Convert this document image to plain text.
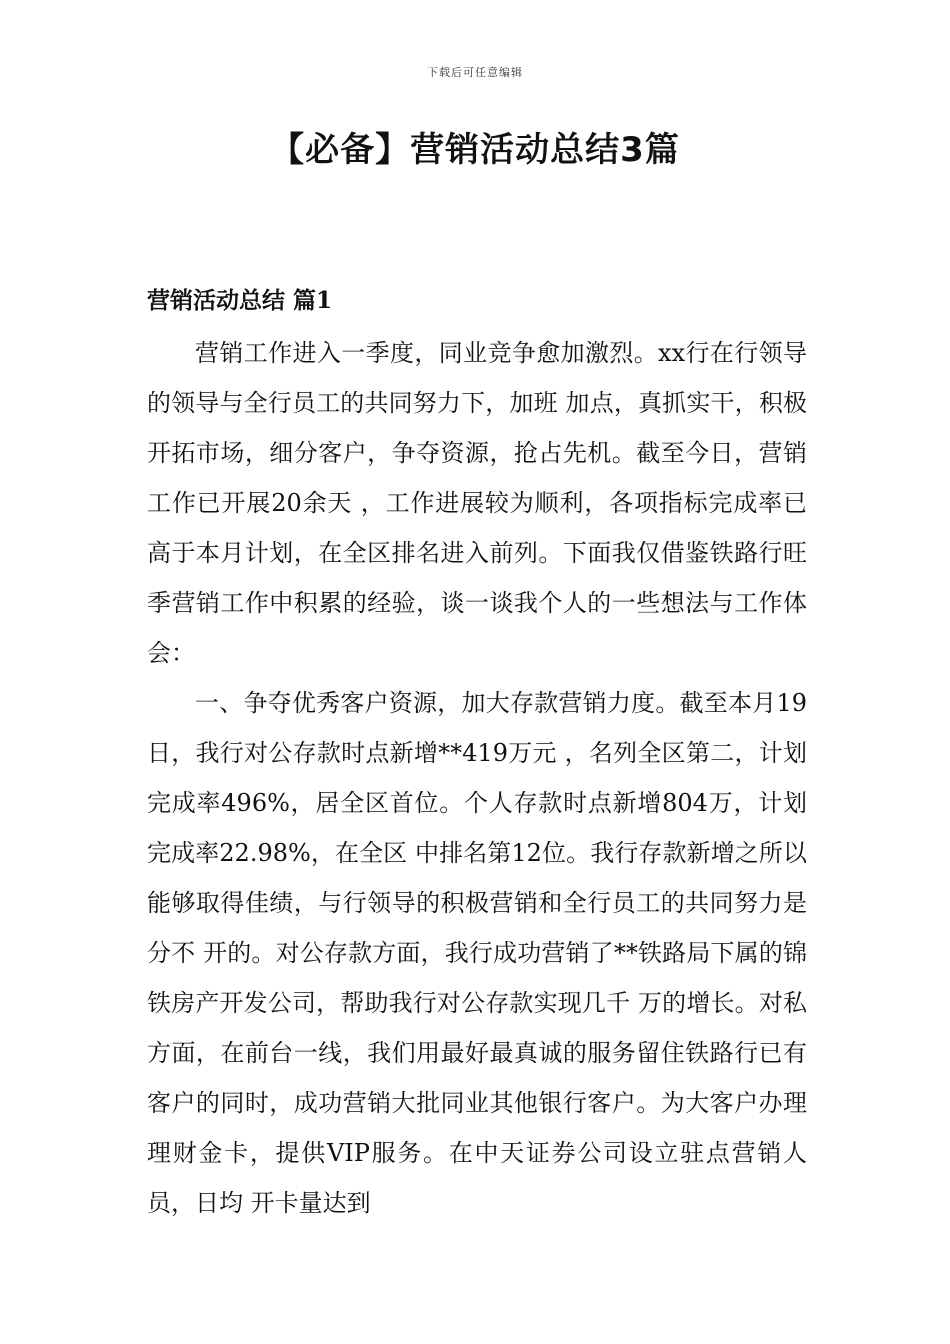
下载后可任意编辑
【必备】营销活动总结3篇
营销活动总结 篇1

营销工作进入一季度，同业竞争愈加激烈。xx行在行领导的领导与全行员工的共同努力下，加班 加点，真抓实干，积极开拓市场，细分客户，争夺资源，抢占先机。截至今日，营销工作已开展20余天 ，工作进展较为顺利，各项指标完成率已高于本月计划，在全区排名进入前列。下面我仅借鉴铁路行旺 季营销工作中积累的经验，谈一谈我个人的一些想法与工作体会：

一、争夺优秀客户资源，加大存款营销力度。截至本月19日，我行对公存款时点新增**419万元 ，名列全区第二，计划完成率496%，居全区首位。个人存款时点新增804万，计划完成率22.98%，在全区 中排名第12位。我行存款新增之所以能够取得佳绩，与行领导的积极营销和全行员工的共同努力是分不 开的。对公存款方面，我行成功营销了**铁路局下属的锦铁房产开发公司，帮助我行对公存款实现几千 万的增长。对私方面，在前台一线，我们用最好最真诚的服务留住铁路行已有客户的同时，成功营销大批同业其他银行客户。为大客户办理理财金卡，提供VIP服务。在中天证券公司设立驻点营销人员，日均 开卡量达到
